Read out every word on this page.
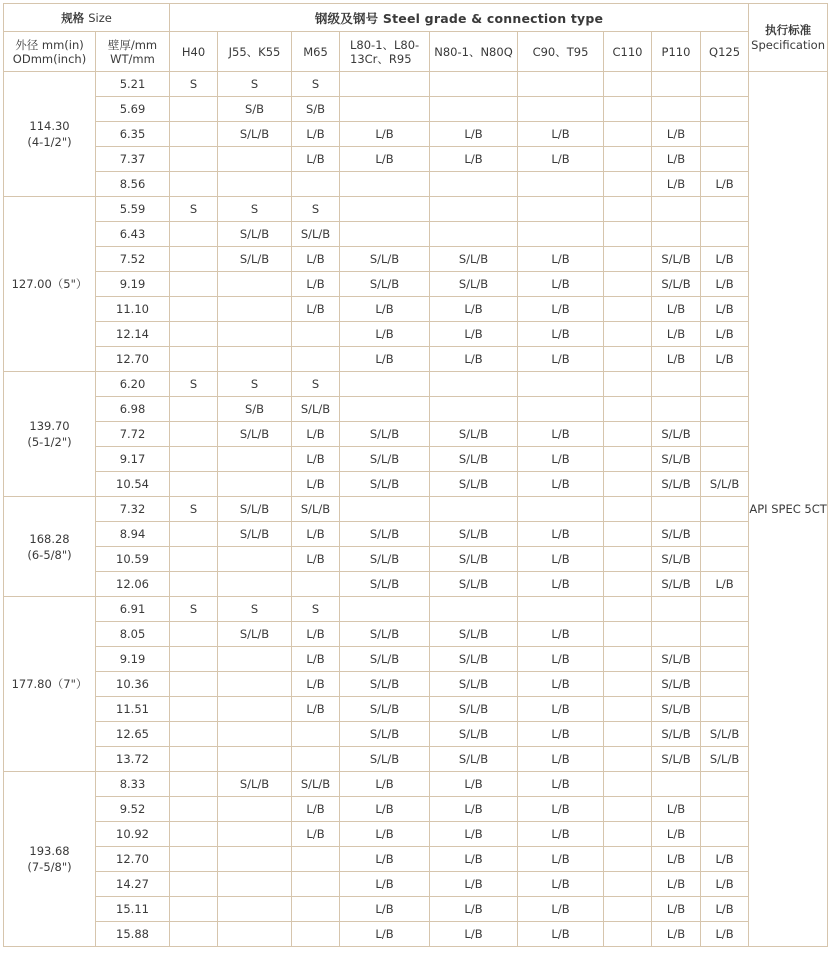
规格 Size		钢级及钢号 Steel grade & connection type									执行标准
Specification

外径 mm(in)
ODmm(inch)	壁厚/mm
WT/mm	H40	J55、K55	M65	L80-1、L80-
13Cr、R95	N80-1、N80Q	C90、T95	C110	P110	Q125	

114.30
(4-1/2")	5.21	S	S	S							API SPEC 5CT
	5.69		S/B	S/B							
	6.35		S/L/B	L/B	L/B	L/B	L/B		L/B		
	7.37			L/B	L/B	L/B	L/B		L/B		
	8.56								L/B	L/B	

127.00（5"）	5.59	S	S	S							
	6.43		S/L/B	S/L/B							
	7.52		S/L/B	L/B	S/L/B	S/L/B	L/B		S/L/B	L/B	
	9.19			L/B	S/L/B	S/L/B	L/B		S/L/B	L/B	
	11.10			L/B	L/B	L/B	L/B		L/B	L/B	
	12.14				L/B	L/B	L/B		L/B	L/B	
	12.70				L/B	L/B	L/B		L/B	L/B	

139.70
(5-1/2")	6.20	S	S	S							
	6.98		S/B	S/L/B							
	7.72		S/L/B	L/B	S/L/B	S/L/B	L/B		S/L/B		
	9.17			L/B	S/L/B	S/L/B	L/B		S/L/B		
	10.54			L/B	S/L/B	S/L/B	L/B		S/L/B	S/L/B	

168.28
(6-5/8")	7.32	S	S/L/B	S/L/B							
	8.94		S/L/B	L/B	S/L/B	S/L/B	L/B		S/L/B		
	10.59			L/B	S/L/B	S/L/B	L/B		S/L/B		
	12.06				S/L/B	S/L/B	L/B		S/L/B	L/B	

177.80（7"）	6.91	S	S	S							
	8.05		S/L/B	L/B	S/L/B	S/L/B	L/B				
	9.19			L/B	S/L/B	S/L/B	L/B		S/L/B		
	10.36			L/B	S/L/B	S/L/B	L/B		S/L/B		
	11.51			L/B	S/L/B	S/L/B	L/B		S/L/B		
	12.65				S/L/B	S/L/B	L/B		S/L/B	S/L/B	
	13.72				S/L/B	S/L/B	L/B		S/L/B	S/L/B	

193.68
(7-5/8")	8.33		S/L/B	S/L/B	L/B	L/B	L/B				
	9.52			L/B	L/B	L/B	L/B		L/B		
	10.92			L/B	L/B	L/B	L/B		L/B		
	12.70				L/B	L/B	L/B		L/B	L/B	
	14.27				L/B	L/B	L/B		L/B	L/B	
	15.11				L/B	L/B	L/B		L/B	L/B	
	15.88				L/B	L/B	L/B		L/B	L/B	
